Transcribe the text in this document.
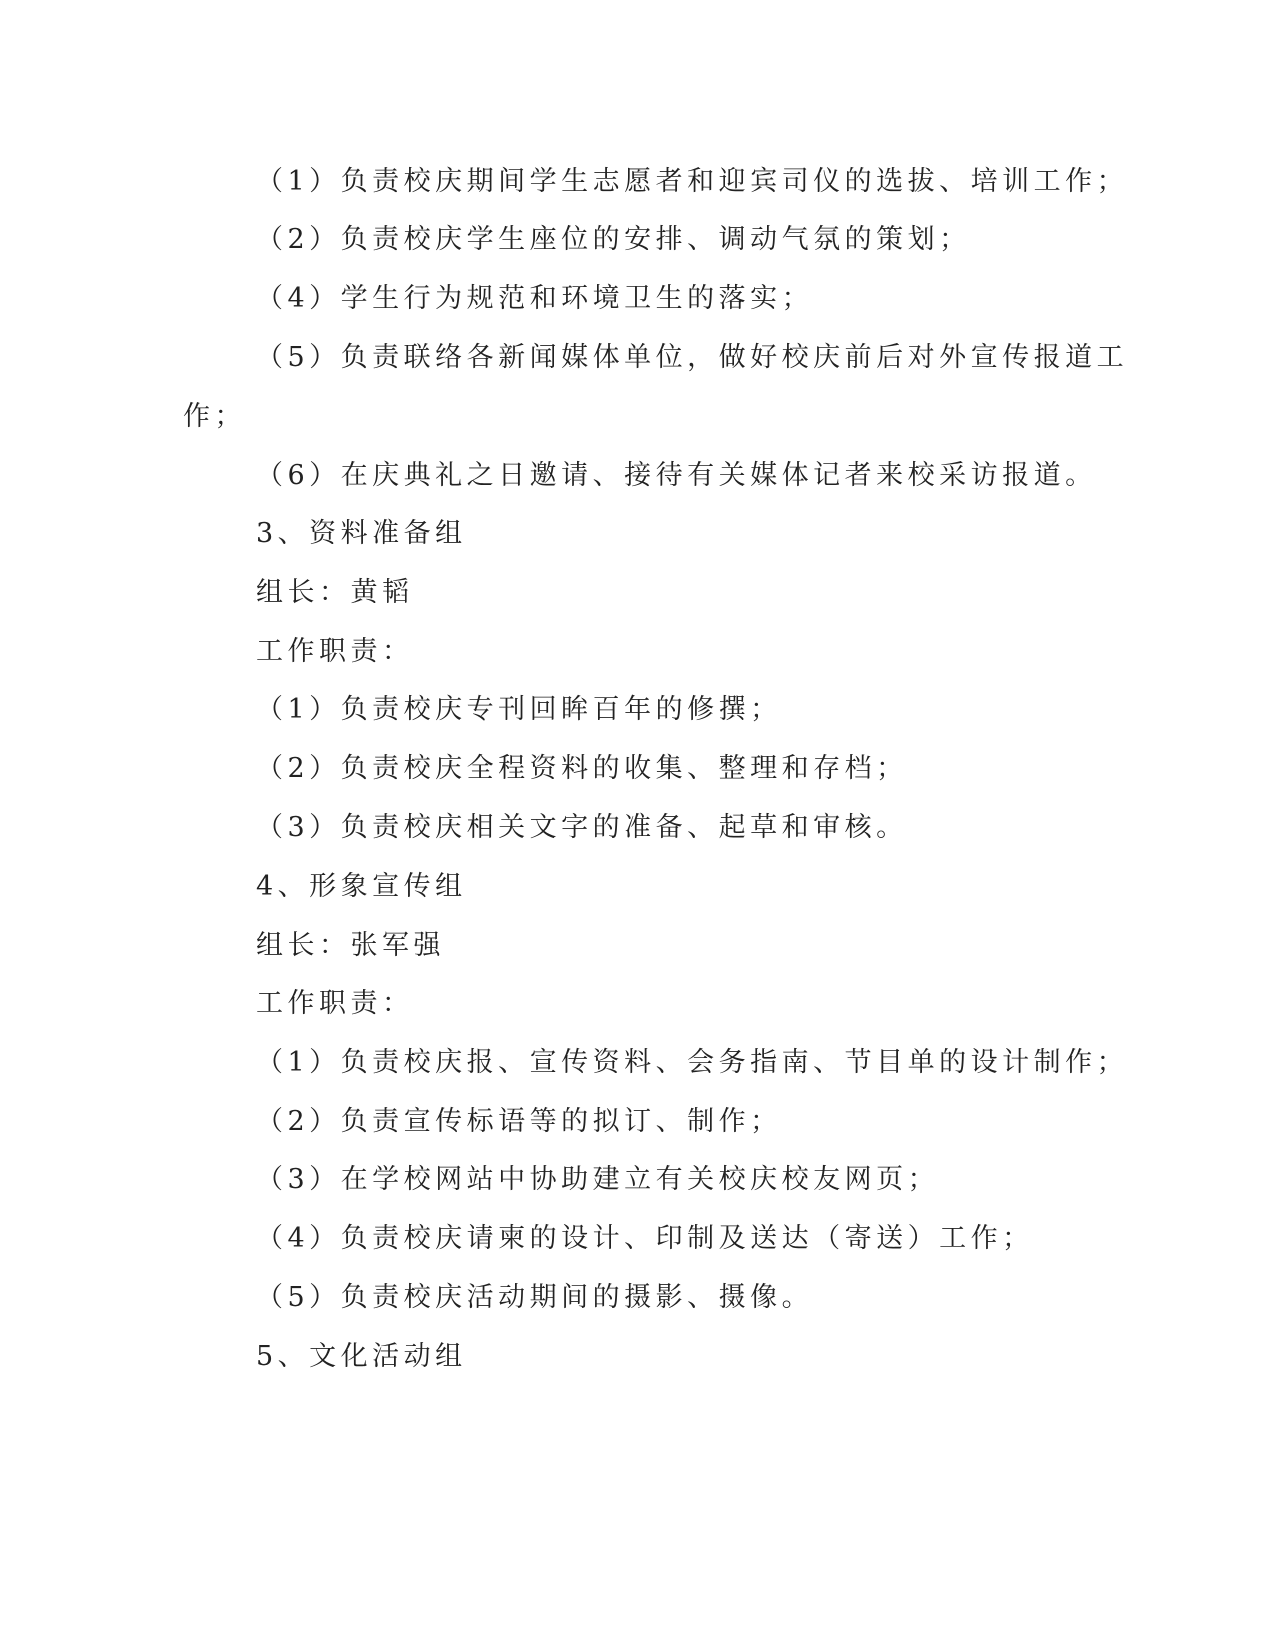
（1）负责校庆期间学生志愿者和迎宾司仪的选拔、培训工作；
（2）负责校庆学生座位的安排、调动气氛的策划；
（4）学生行为规范和环境卫生的落实；
（5）负责联络各新闻媒体单位，做好校庆前后对外宣传报道工
作；
（6）在庆典礼之日邀请、接待有关媒体记者来校采访报道。
3、资料准备组
组长：黄韬
工作职责：
（1）负责校庆专刊回眸百年的修撰；
（2）负责校庆全程资料的收集、整理和存档；
（3）负责校庆相关文字的准备、起草和审核。
4、形象宣传组
组长：张军强
工作职责：
（1）负责校庆报、宣传资料、会务指南、节目单的设计制作；
（2）负责宣传标语等的拟订、制作；
（3）在学校网站中协助建立有关校庆校友网页；
（4）负责校庆请柬的设计、印制及送达（寄送）工作；
（5）负责校庆活动期间的摄影、摄像。
5、文化活动组
